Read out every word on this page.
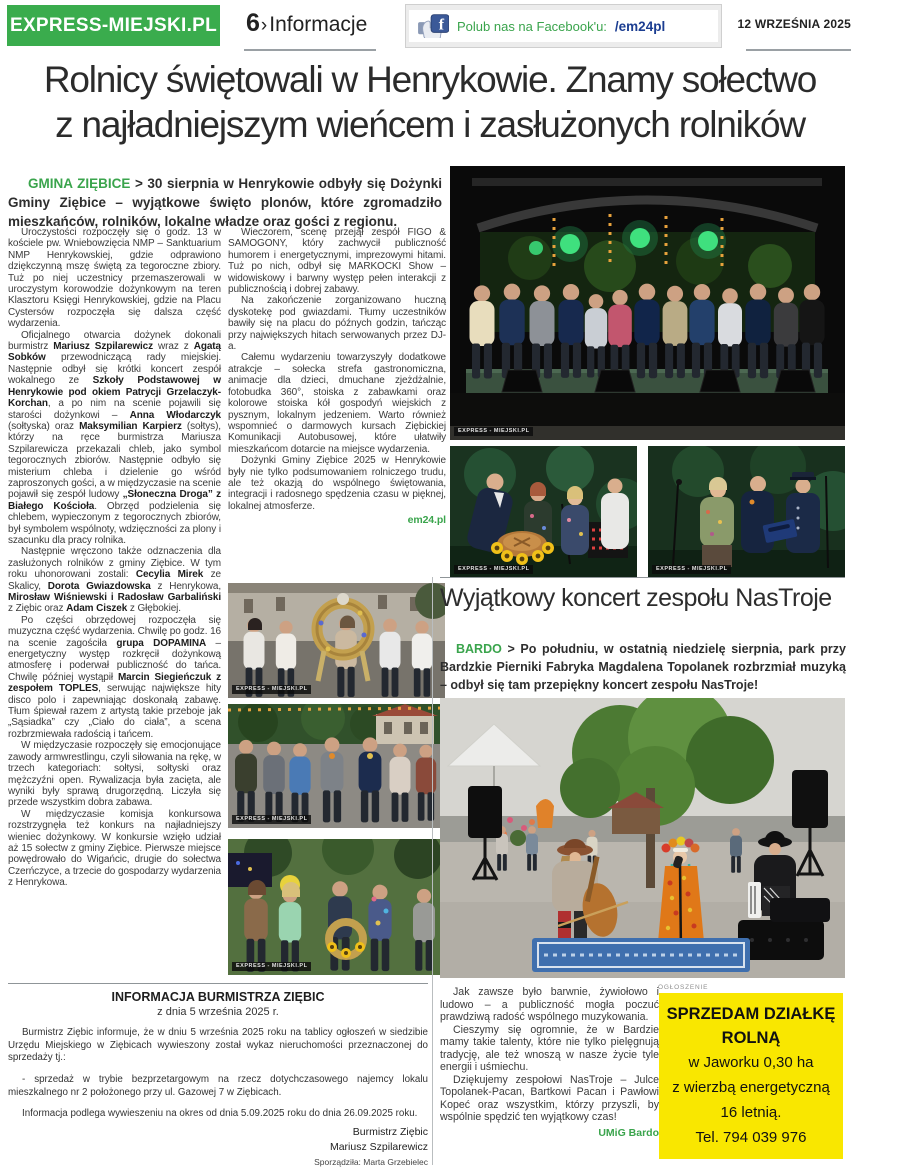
EXPRESS-MIEJSKI.PL 6›Informacje	f Polub nas na Facebook'u: /em24pl	12 WRZEŚNIA 2025
Rolnicy świętowali w Henrykowie. Znamy sołectwo
z najładniejszym wieńcem i zasłużonych rolników

GMINA ZIĘBICE > 30 sierpnia w Henrykowie odbyły się Dożynki Gminy Ziębice – wyjątkowe święto plonów, które zgromadziło mieszkańców, rolników, lokalne władze oraz gości z regionu.

EXPRESS - MIEJSKI.PL
EXPRESS - MIEJSKI.PL	EXPRESS - MIEJSKI.PL

Uroczystości rozpoczęły się o godz. 13 w kościele pw. Wniebowzięcia NMP – Sanktuarium NMP Henrykowskiej, gdzie odprawiono dziękczynną mszę świętą za tegoroczne zbiory. Tuż po niej uczestnicy przemaszerowali w uroczystym korowodzie dożynkowym na teren Klasztoru Księgi Henrykowskiej, gdzie na Placu Cystersów rozpoczęła się dalsza część wydarzenia.

Oficjalnego otwarcia dożynek dokonali burmistrz Mariusz Szpilarewicz wraz z Agatą Sobków przewodniczącą rady miejskiej. Następnie odbył się krótki koncert zespół wokalnego ze Szkoły Podstawowej w Henrykowie pod okiem Patrycji Grzelaczyk-Korchan, a po nim na scenie pojawili się starości dożynkowi – Anna Włodarczyk (sołtyska) oraz Maksymilian Karpierz (sołtys), którzy na ręce burmistrza Mariusza Szpilarewicza przekazali chleb, jako symbol tegorocznych zbiorów. Następnie odbyło się misterium chleba i dzielenie go wśród zaproszonych gości, a w międzyczasie na scenie pojawił się zespół ludowy „Słoneczna Droga” z Białego Kościoła. Obrzęd podzielenia się chlebem, wypieczonym z tegorocznych zbiorów, był symbolem wspólnoty, wdzięczności za plony i szacunku dla pracy rolnika.

Następnie wręczono także odznaczenia dla zasłużonych rolników z gminy Ziębice. W tym roku uhonorowani zostali: Cecylia Mirek ze Skalicy, Dorota Gwiazdowska z Henrykowa, Mirosław Wiśniewski i Radosław Garbaliński z Ziębic oraz Adam Ciszek z Głębokiej.

Po części obrzędowej rozpoczęła się muzyczna część wydarzenia. Chwilę po godz. 16 na scenie zagościła grupa DOPAMINA – energetyczny występ rozkręcił dożynkową atmosferę i poderwał publiczność do tańca. Chwilę później wystąpił Marcin Siegieńczuk z zespołem TOPLES, serwując największe hity disco polo i zapewniając doskonałą zabawę. Tłum śpiewał razem z artystą takie przeboje jak „Sąsiadka” czy „Ciało do ciała”, a scena rozbrzmiewała radością i tańcem.

W międzyczasie rozpoczęły się emocjonujące zawody armwrestlingu, czyli siłowania na rękę, w trzech kategoriach: sołtysi, sołtyski oraz mężczyźni open. Rywalizacja była zacięta, ale wyniki były sprawą drugorzędną. Liczyła się przede wszystkim dobra zabawa.

W międzyczasie komisja konkursowa rozstrzygnęła też konkurs na najładniejszy wieniec dożynkowy. W konkursie wzięło udział aż 15 sołectw z gminy Ziębice. Pierwsze miejsce powędrowało do Wigańcic, drugie do sołectwa Czerńczyce, a trzecie do gospodarzy wydarzenia z Henrykowa.

Wieczorem, scenę przejął zespół FIGO & SAMOGONY, który zachwycił publiczność humorem i energetycznymi, imprezowymi hitami. Tuż po nich, odbył się MARKOCKI Show – widowiskowy i barwny występ pełen interakcji z publicznością i dobrej zabawy.

Na zakończenie zorganizowano huczną dyskotekę pod gwiazdami. Tłumy uczestników bawiły się na placu do późnych godzin, tańcząc przy największych hitach serwowanych przez DJ-a.

Całemu wydarzeniu towarzyszyły dodatkowe atrakcje – sołecka strefa gastronomiczna, animacje dla dzieci, dmuchane zjeżdżalnie, fotobudka 360°, stoiska z zabawkami oraz kolorowe stoiska kół gospodyń wiejskich z pysznym, lokalnym jedzeniem. Warto również wspomnieć o darmowych kursach Ziębickiej Komunikacji Autobusowej, które ułatwiły mieszkańcom dotarcie na miejsce wydarzenia.

Dożynki Gminy Ziębice 2025 w Henrykowie były nie tylko podsumowaniem rolniczego trudu, ale też okazją do wspólnego świętowania, integracji i radosnego spędzenia czasu w pięknej, lokalnej atmosferze.

em24.pl
EXPRESS - MIEJSKI.PL
EXPRESS - MIEJSKI.PL
EXPRESS - MIEJSKI.PL
INFORMACJA BURMISTRZA ZIĘBIC
z dnia 5 września 2025 r.

Burmistrz Ziębic informuje, że w dniu 5 września 2025 roku na tablicy ogłoszeń w siedzibie Urzędu Miejskiego w Ziębicach wywieszony został wykaz nieruchomości przeznaczonej do sprzedaży tj.:

- sprzedaż w trybie bezprzetargowym na rzecz dotychczasowego najemcy lokalu mieszkalnego nr 2 położonego przy ul. Gazowej 7 w Ziębicach.

Informacja podlega wywieszeniu na okres od dnia 5.09.2025 roku do dnia 26.09.2025 roku.

Burmistrz Ziębic
Mariusz Szpilarewicz
Sporządziła: Marta Grzebielec
Wyjątkowy koncert zespołu NasTroje

BARDO > Po południu, w ostatnią niedzielę sierpnia, park przy Bardzkie Pierniki Fabryka Magdalena Topolanek rozbrzmiał muzyką – odbył się tam przepiękny koncert zespołu NasTroje!

Jak zawsze było barwnie, żywiołowo i ludowo – a publiczność mogła poczuć prawdziwą radość wspólnego muzykowania.

Cieszymy się ogromnie, że w Bardzie mamy takie talenty, które nie tylko pielęgnują tradycję, ale też wnoszą w nasze życie tyle energii i uśmiechu.

Dziękujemy zespołowi NasTroje – Julce Topolanek-Pacan, Bartkowi Pacan i Pawłowi Kopeć oraz wszystkim, którzy przyszli, by wspólnie spędzić ten wyjątkowy czas!

UMiG Bardo
OGŁOSZENIE

SPRZEDAM DZIAŁKĘ

ROLNĄ

w Jaworku 0,30 ha

z wierzbą energetyczną

16 letnią.

Tel. 794 039 976
